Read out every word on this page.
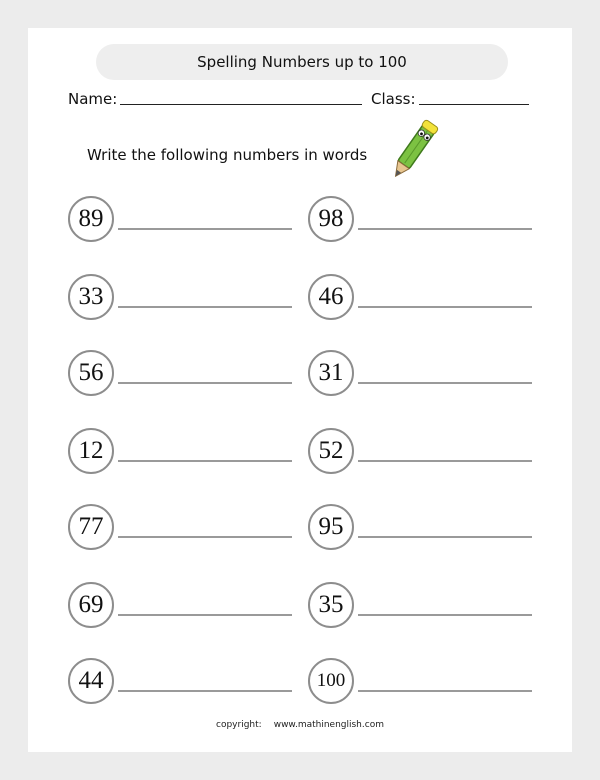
Spelling Numbers up to 100
Name:	Class:
Write the following numbers in words
89
33
56
12
77
69
44
98
46
31
52
95
35
100
copyright: www.mathinenglish.com
